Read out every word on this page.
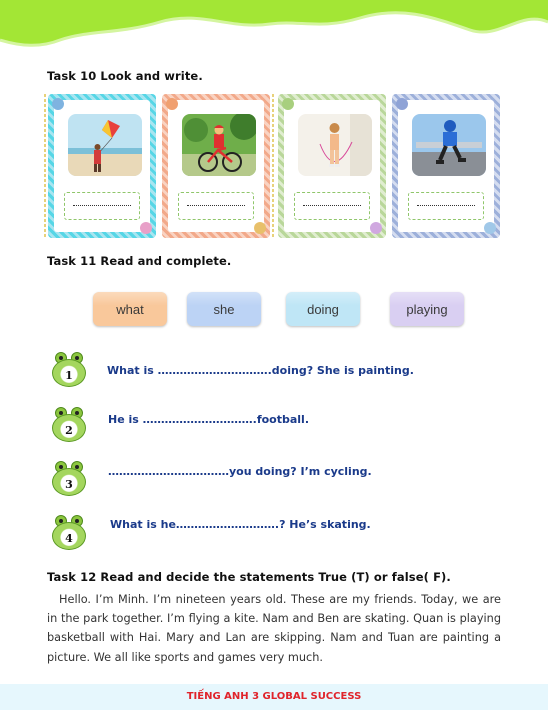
Task 10 Look and write.
Task 11 Read and complete.
what	she	doing	playing
1	What is ………………………….doing? She is painting.
2
He is ………………………….football.
3
……………………………you doing? I’m cycling.
4
What is he……………………….? He’s skating.
Task 12 Read and decide the statements True (T) or false( F).
Hello. I’m Minh. I’m nineteen years old. These are my friends. Today, we are in the park together. I’m flying a kite. Nam and Ben are skating. Quan is playing basketball with Hai. Mary and Lan are skipping. Nam and Tuan are painting a picture. We all like sports and games very much.
TIẾNG ANH 3 GLOBAL SUCCESS
